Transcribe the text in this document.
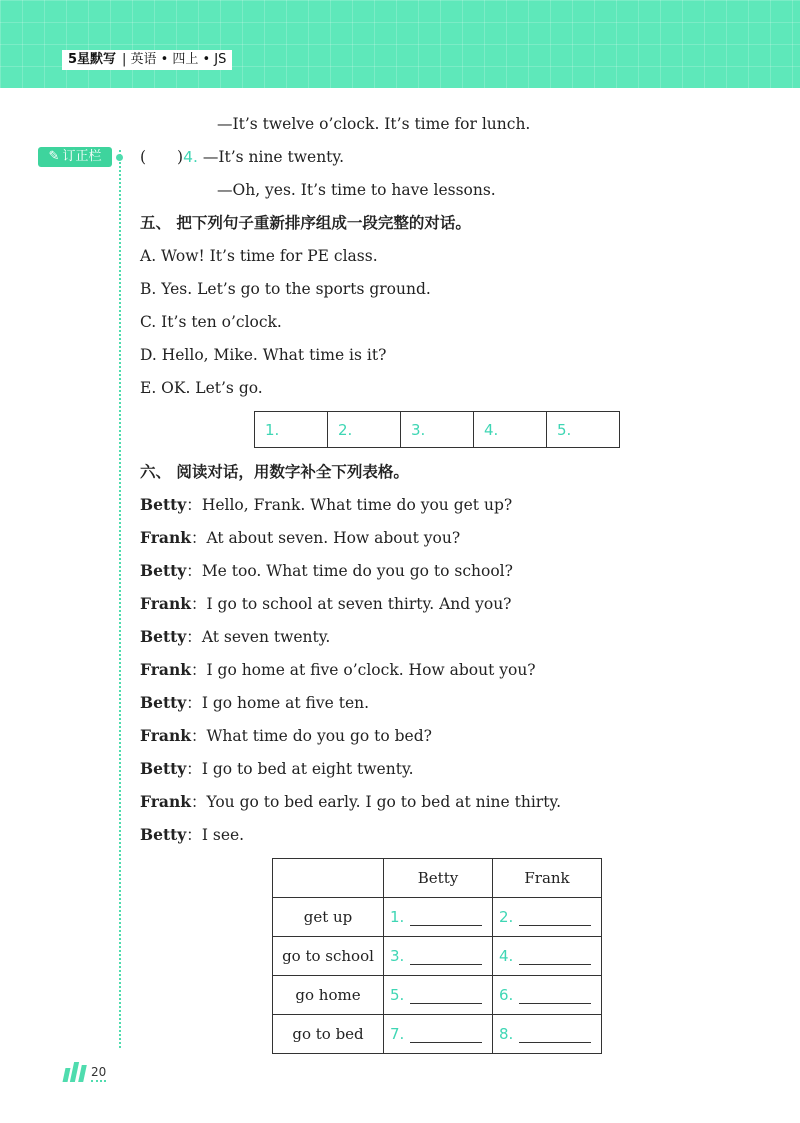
5星默写 | 英语 • 四上 • JS
✎ 订正栏
—It’s twelve o’clock. It’s time for lunch.
(　　)4. —It’s nine twenty.
—Oh, yes. It’s time to have lessons.
五、 把下列句子重新排序组成一段完整的对话。
A. Wow! It’s time for PE class.
B. Yes. Let’s go to the sports ground.
C. It’s ten o’clock.
D. Hello, Mike. What time is it?
E. OK. Let’s go.
1.	2.	3.	4.	5.
六、 阅读对话，用数字补全下列表格。
Betty：Hello, Frank. What time do you get up?
Frank：At about seven. How about you?
Betty：Me too. What time do you go to school?
Frank：I go to school at seven thirty. And you?
Betty：At seven twenty.
Frank：I go home at five o’clock. How about you?
Betty：I go home at five ten.
Frank：What time do you go to bed?
Betty：I go to bed at eight twenty.
Frank：You go to bed early. I go to bed at nine thirty.
Betty：I see.
	Betty	Frank
get up	1.	2.
go to school	3.	4.
go home	5.	6.
go to bed	7.	8.
20
